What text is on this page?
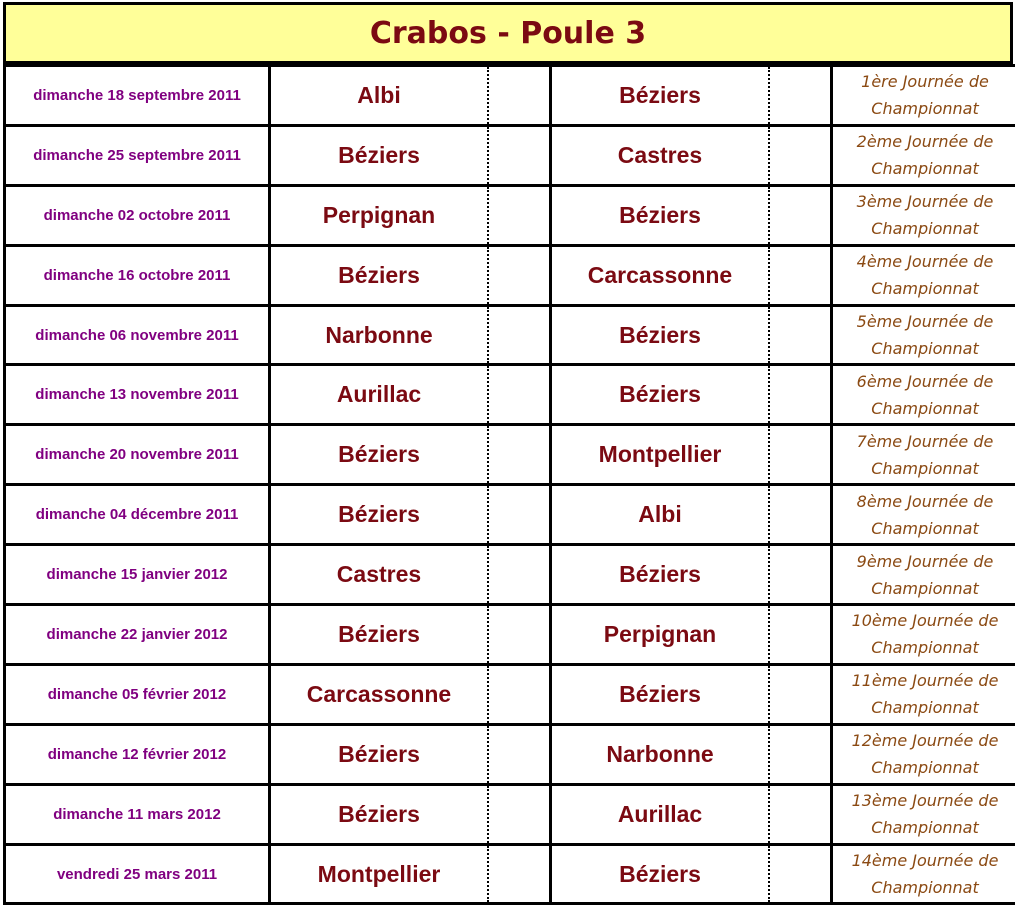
Crabos - Poule 3
dimanche 18 septembre 2011	Albi		Béziers		1ère Journée de
Championnat

dimanche 25 septembre 2011	Béziers		Castres		2ème Journée de
Championnat

dimanche 02 octobre 2011	Perpignan		Béziers		3ème Journée de
Championnat

dimanche 16 octobre 2011	Béziers		Carcassonne		4ème Journée de
Championnat

dimanche 06 novembre 2011	Narbonne		Béziers		5ème Journée de
Championnat

dimanche 13 novembre 2011	Aurillac		Béziers		6ème Journée de
Championnat

dimanche 20 novembre 2011	Béziers		Montpellier		7ème Journée de
Championnat

dimanche 04 décembre 2011	Béziers		Albi		8ème Journée de
Championnat

dimanche 15 janvier 2012	Castres		Béziers		9ème Journée de
Championnat

dimanche 22 janvier 2012	Béziers		Perpignan		10ème Journée de
Championnat

dimanche 05 février 2012	Carcassonne		Béziers		11ème Journée de
Championnat

dimanche 12 février 2012	Béziers		Narbonne		12ème Journée de
Championnat

dimanche 11 mars 2012	Béziers		Aurillac		13ème Journée de
Championnat

vendredi 25 mars 2011	Montpellier		Béziers		14ème Journée de
Championnat
